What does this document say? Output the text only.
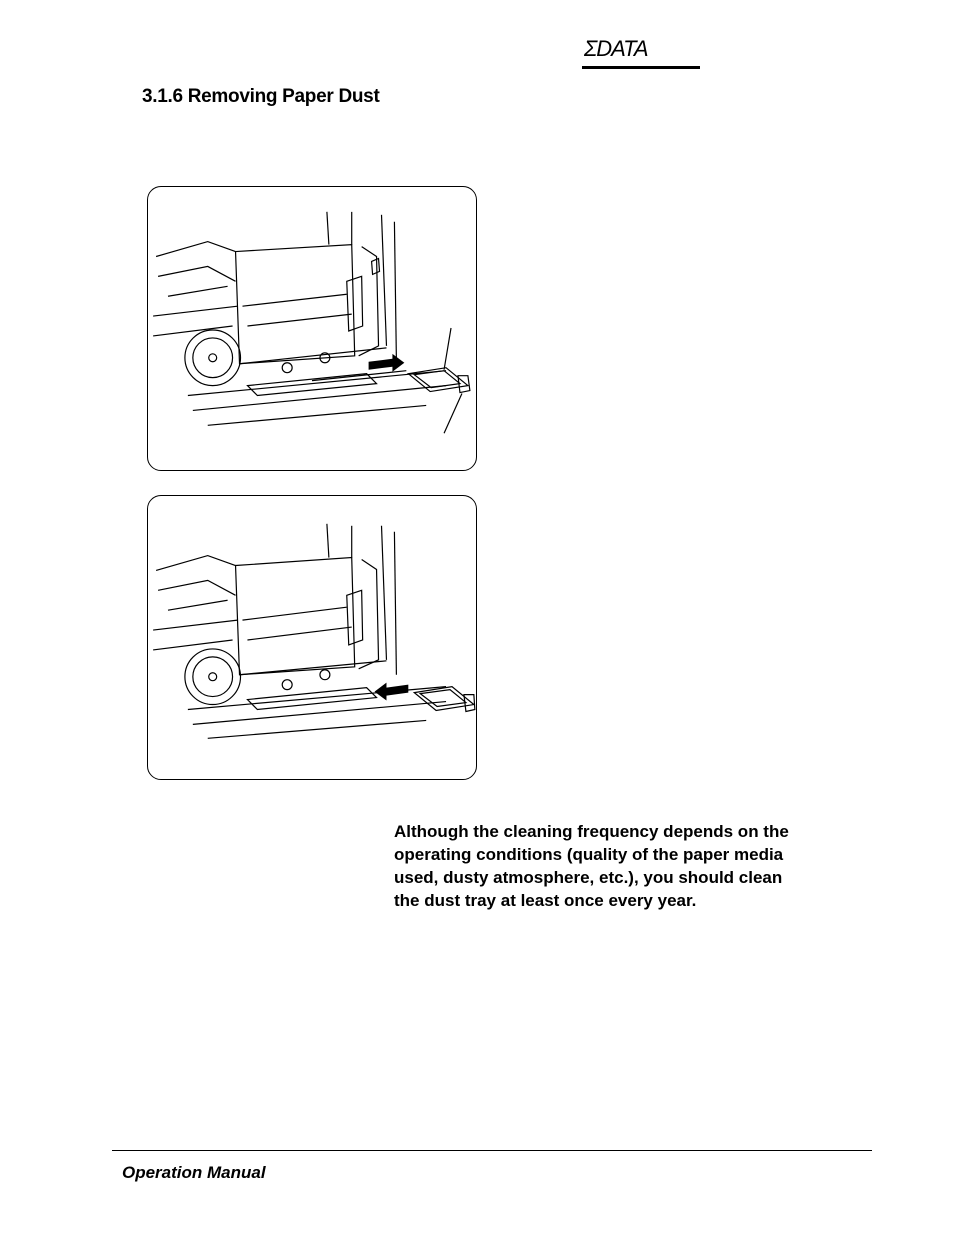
ΣDATA
3.1.6 Removing Paper Dust

Although the cleaning frequency depends on the operating conditions (quality of the paper media used, dusty atmosphere, etc.), you should clean the dust tray at least once every year.

Operation Manual
